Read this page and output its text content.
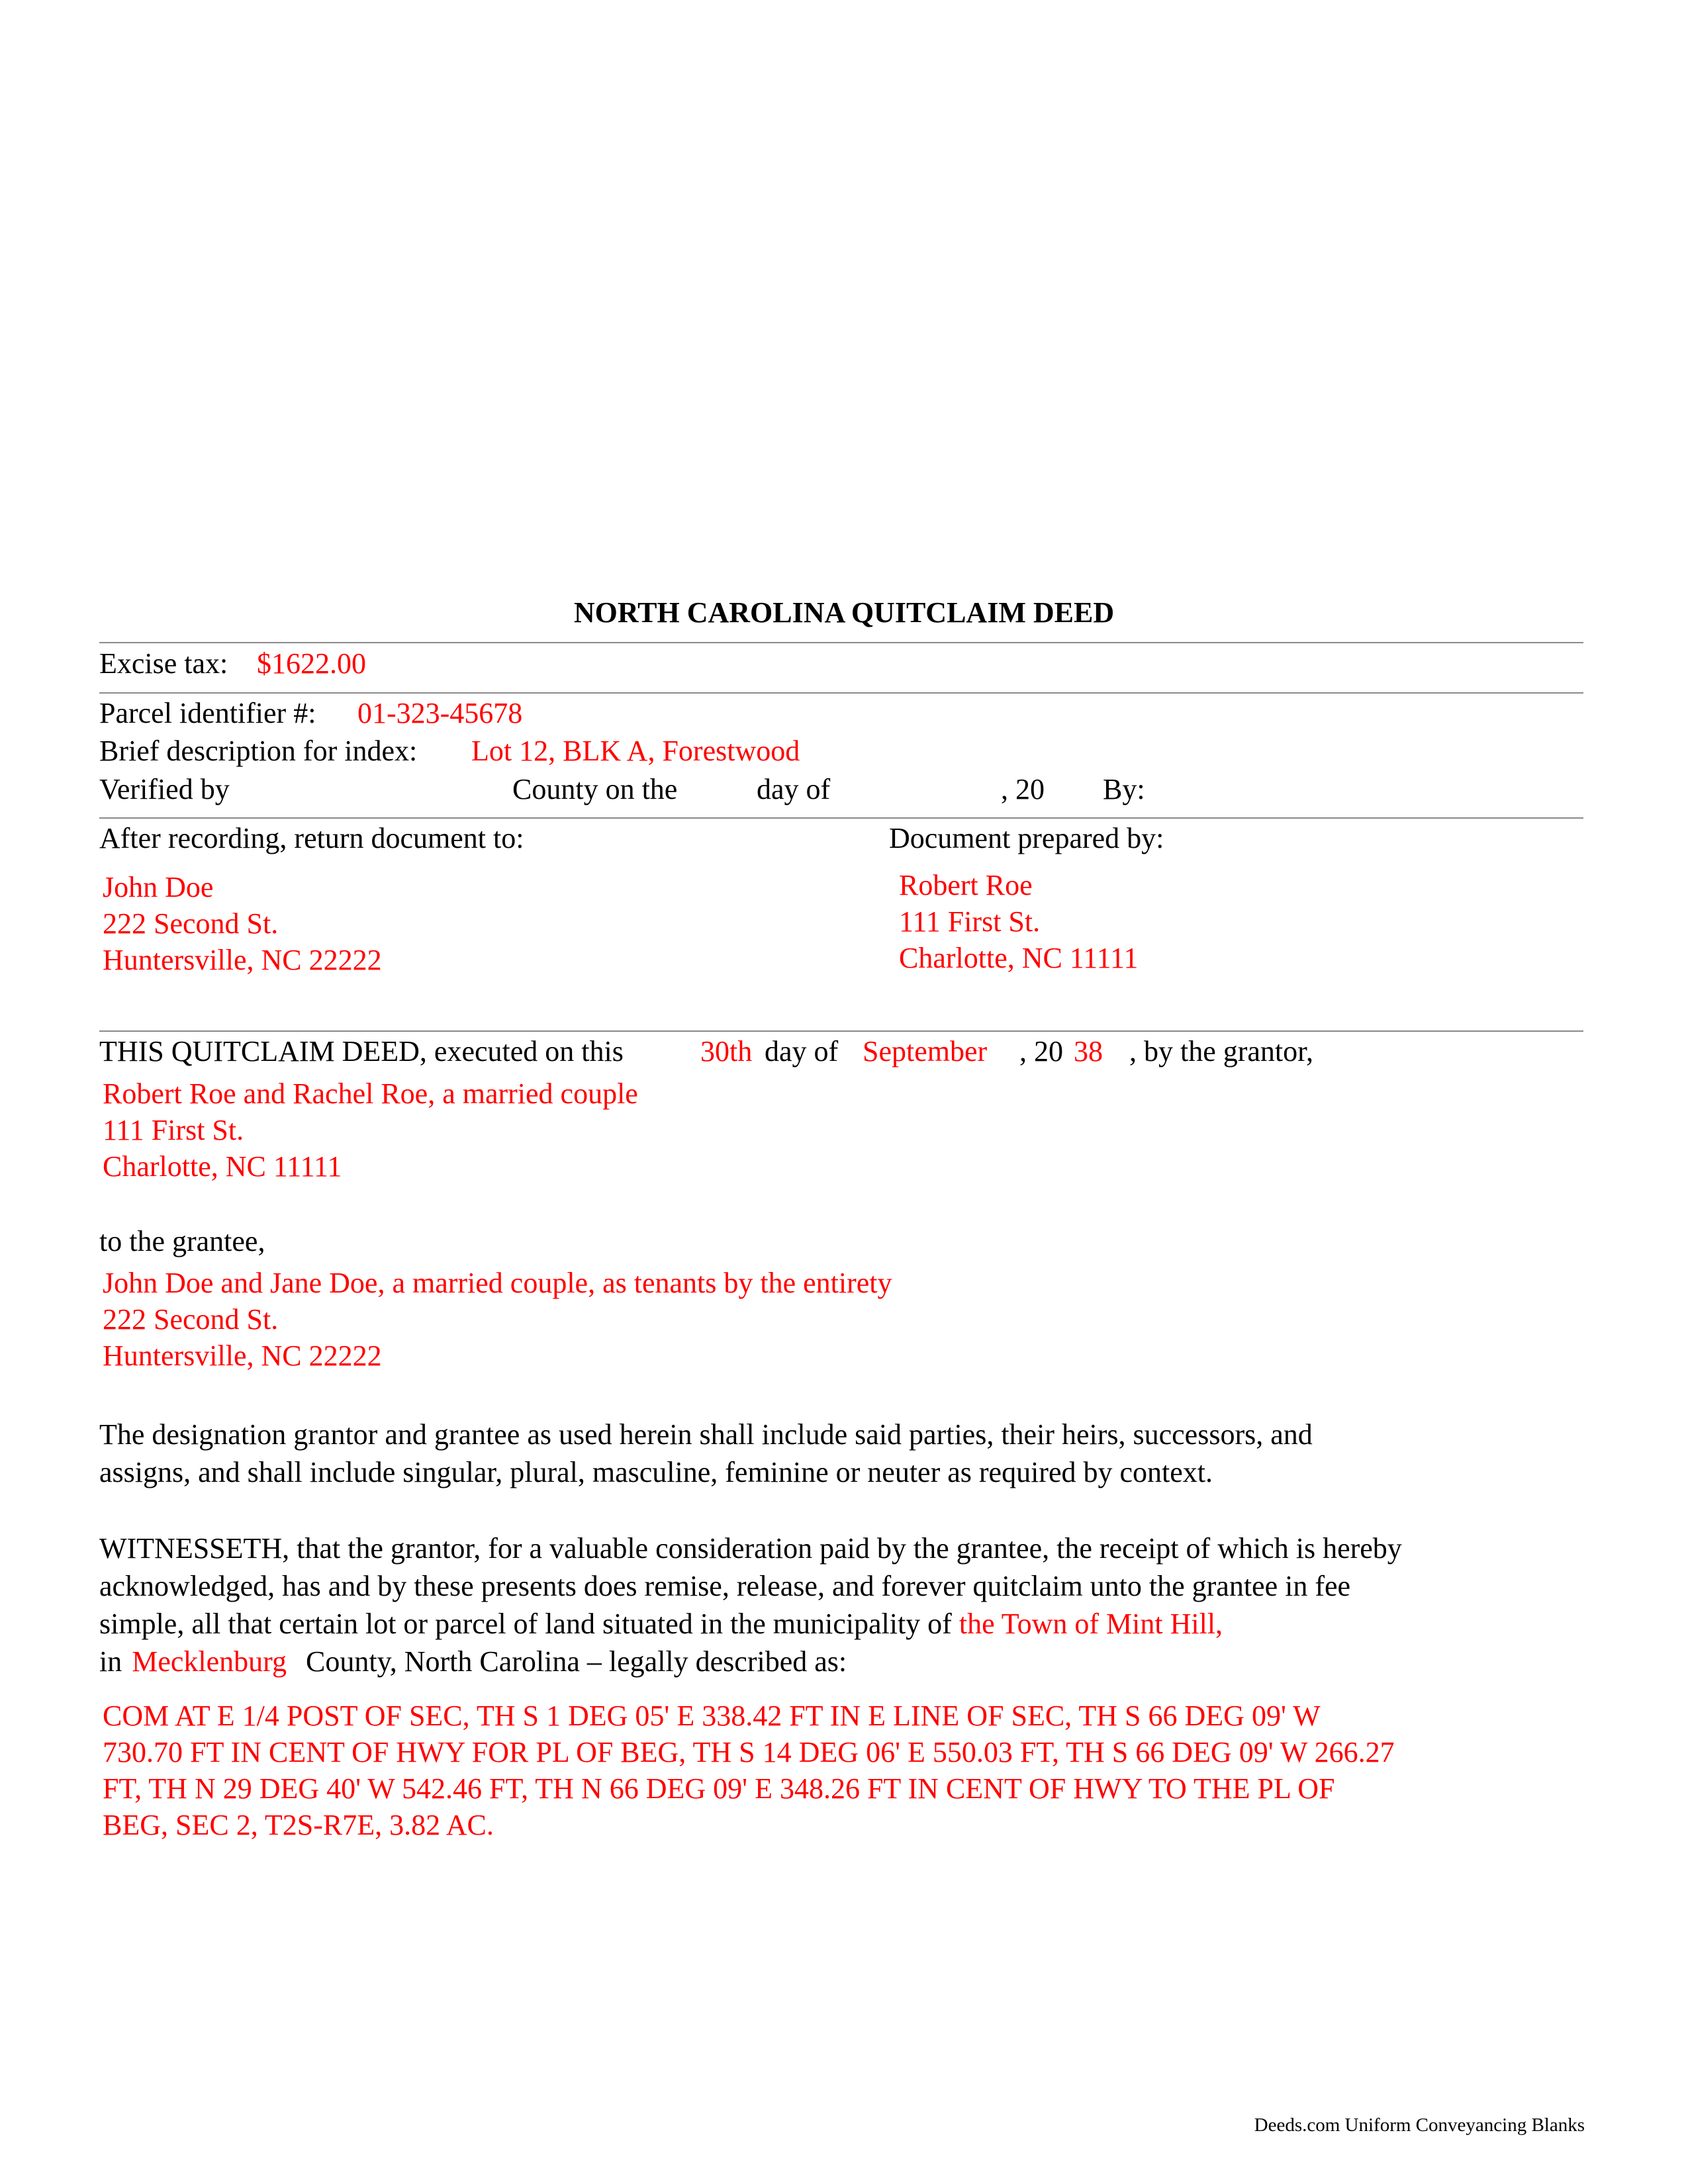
NORTH CAROLINA QUITCLAIM DEED
Excise tax: $1622.00
Parcel identifier #: 01-323-45678
Brief description for index: Lot 12, BLK A, Forestwood
Verified by	County on the	day of	, 20 By:
After recording, return document to:	Document prepared by:
John Doe
222 Second St.
Huntersville, NC 22222
Robert Roe
111 First St.
Charlotte, NC 11111
THIS QUITCLAIM DEED, executed on this	30th day of September , 20 38 , by the grantor,
Robert Roe and Rachel Roe, a married couple
111 First St.
Charlotte, NC 11111
to the grantee,
John Doe and Jane Doe, a married couple, as tenants by the entirety
222 Second St.
Huntersville, NC 22222
The designation grantor and grantee as used herein shall include said parties, their heirs, successors, and
assigns, and shall include singular, plural, masculine, feminine or neuter as required by context.
WITNESSETH, that the grantor, for a valuable consideration paid by the grantee, the receipt of which is hereby
acknowledged, has and by these presents does remise, release, and forever quitclaim unto the grantee in fee
simple, all that certain lot or parcel of land situated in the municipality of the Town of Mint Hill,
in Mecklenburg County, North Carolina – legally described as:
COM AT E 1/4 POST OF SEC, TH S 1 DEG 05' E 338.42 FT IN E LINE OF SEC, TH S 66 DEG 09' W
730.70 FT IN CENT OF HWY FOR PL OF BEG, TH S 14 DEG 06' E 550.03 FT, TH S 66 DEG 09' W 266.27
FT, TH N 29 DEG 40' W 542.46 FT, TH N 66 DEG 09' E 348.26 FT IN CENT OF HWY TO THE PL OF
BEG, SEC 2, T2S-R7E, 3.82 AC.
Deeds.com Uniform Conveyancing Blanks
